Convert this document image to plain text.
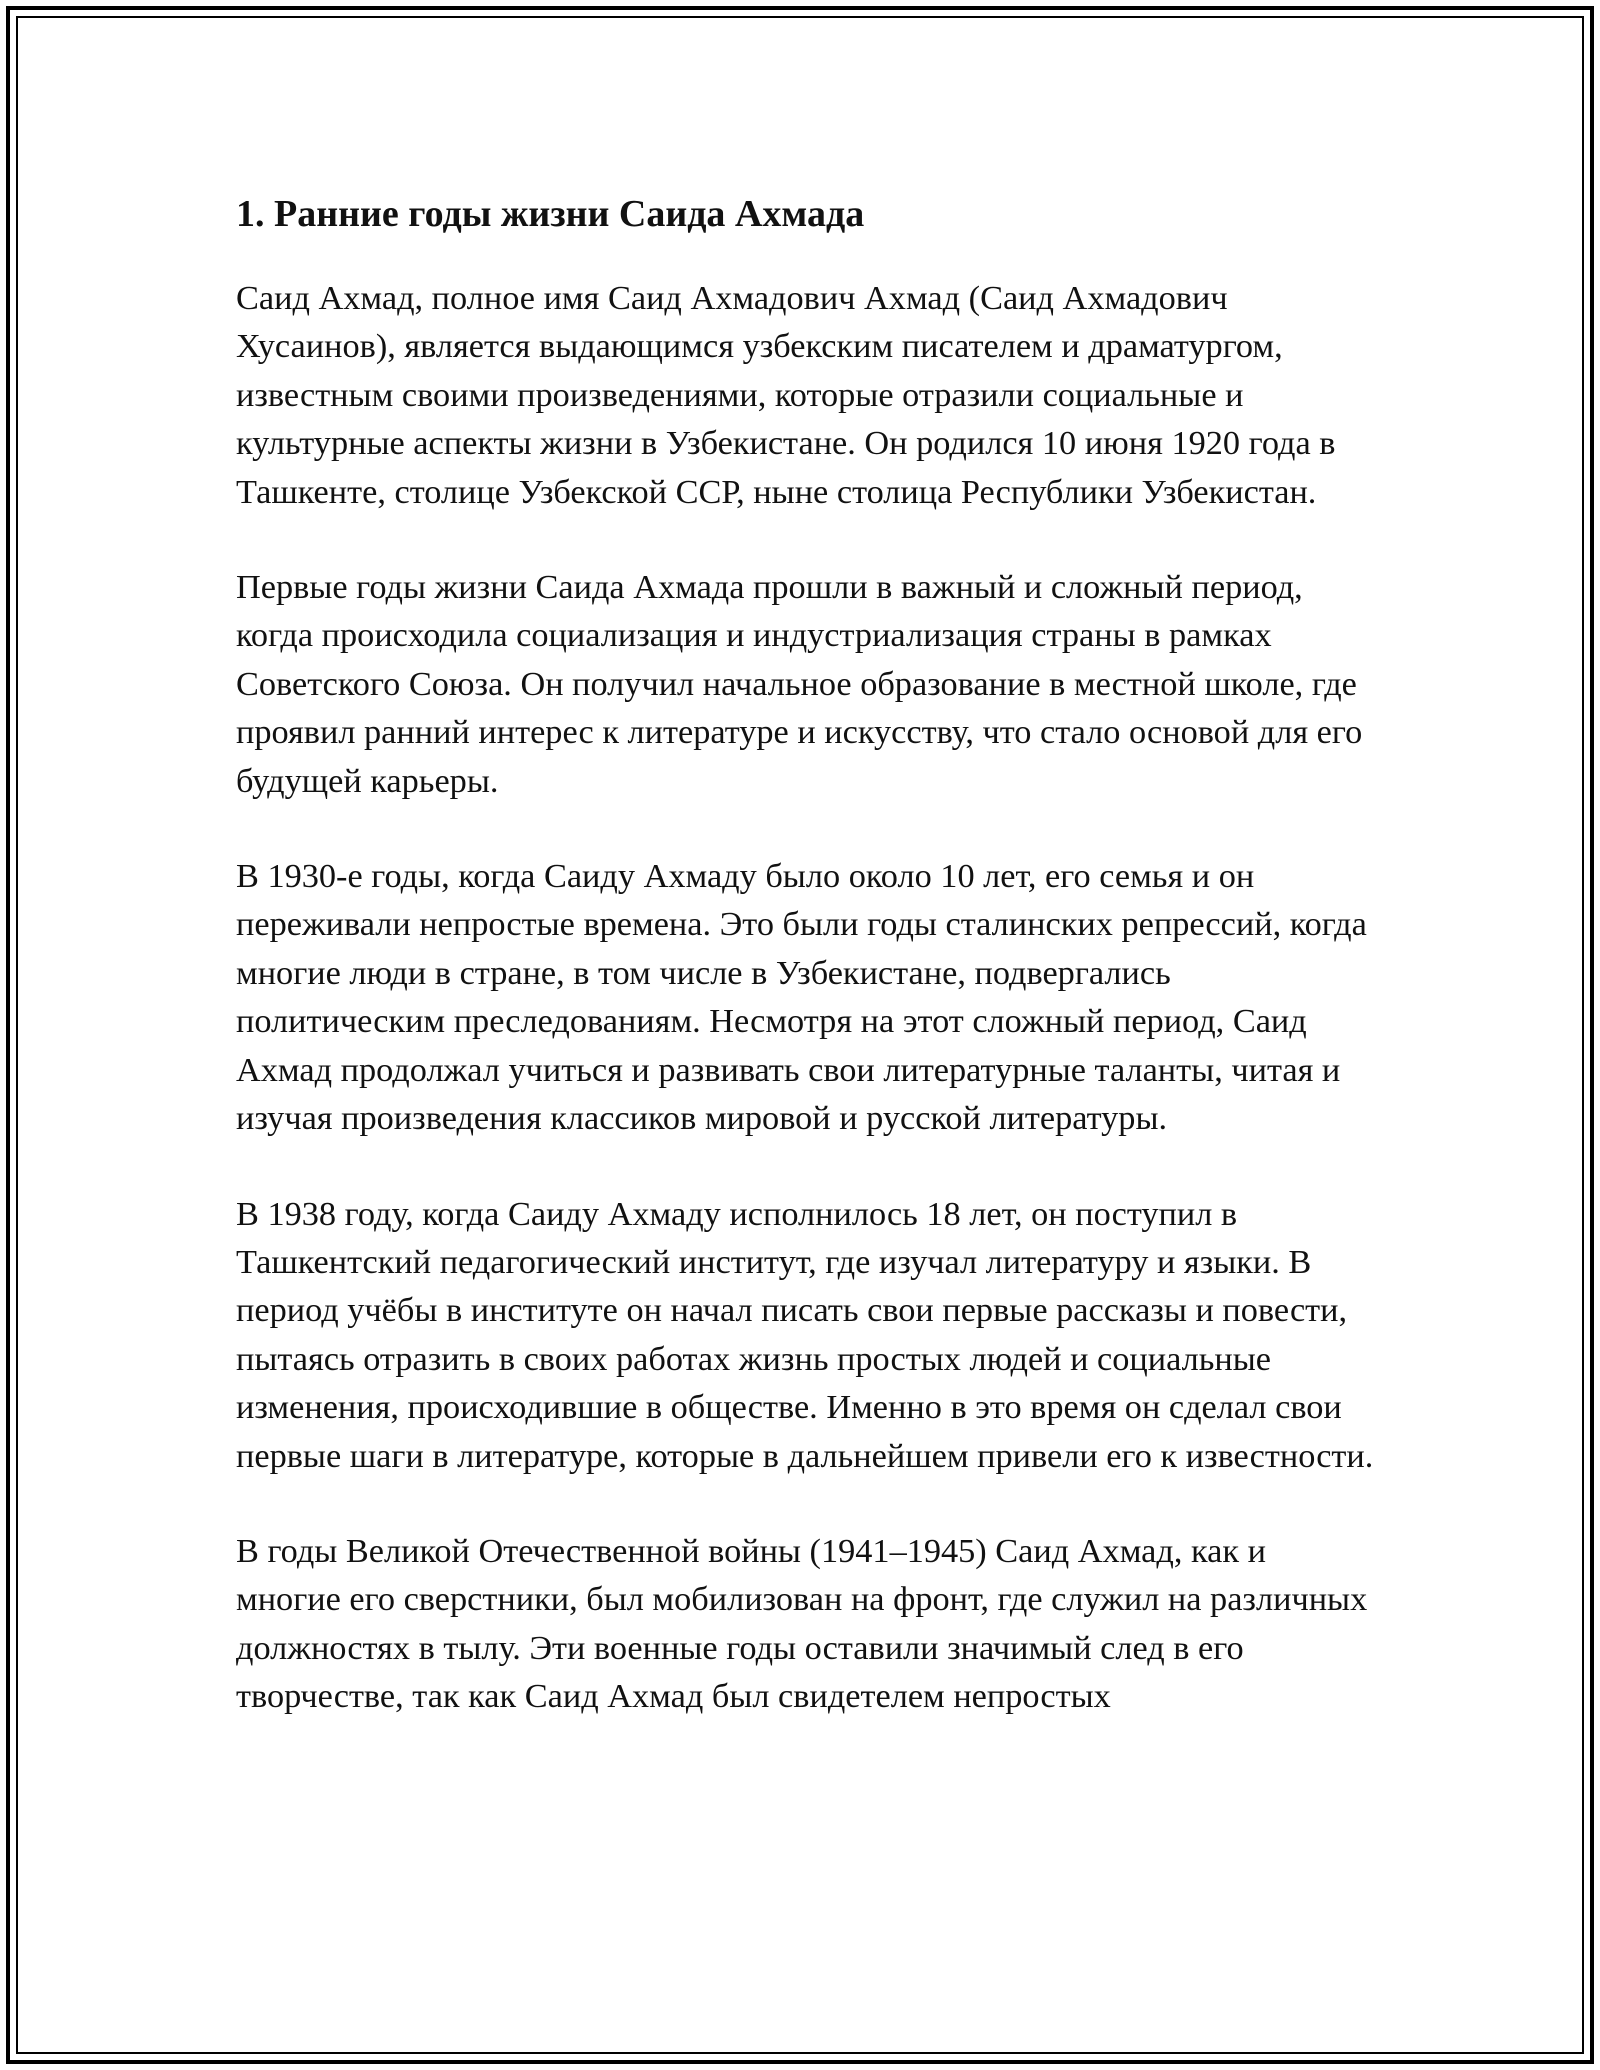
1. Ранние годы жизни Саида Ахмада

Саид Ахмад, полное имя Саид Ахмадович Ахмад (Саид Ахмадович Хусаинов), является выдающимся узбекским писателем и драматургом, известным своими произведениями, которые отразили социальные и культурные аспекты жизни в Узбекистане. Он родился 10 июня 1920 года в Ташкенте, столице Узбекской ССР, ныне столица Республики Узбекистан.

Первые годы жизни Саида Ахмада прошли в важный и сложный период, когда происходила социализация и индустриализация страны в рамках Советского Союза. Он получил начальное образование в местной школе, где проявил ранний интерес к литературе и искусству, что стало основой для его будущей карьеры.

В 1930-е годы, когда Саиду Ахмаду было около 10 лет, его семья и он переживали непростые времена. Это были годы сталинских репрессий, когда многие люди в стране, в том числе в Узбекистане, подвергались политическим преследованиям. Несмотря на этот сложный период, Саид Ахмад продолжал учиться и развивать свои литературные таланты, читая и изучая произведения классиков мировой и русской литературы.

В 1938 году, когда Саиду Ахмаду исполнилось 18 лет, он поступил в Ташкентский педагогический институт, где изучал литературу и языки. В период учёбы в институте он начал писать свои первые рассказы и повести, пытаясь отразить в своих работах жизнь простых людей и социальные изменения, происходившие в обществе. Именно в это время он сделал свои первые шаги в литературе, которые в дальнейшем привели его к известности.

В годы Великой Отечественной войны (1941–1945) Саид Ахмад, как и многие его сверстники, был мобилизован на фронт, где служил на различных должностях в тылу. Эти военные годы оставили значимый след в его творчестве, так как Саид Ахмад был свидетелем непростых
